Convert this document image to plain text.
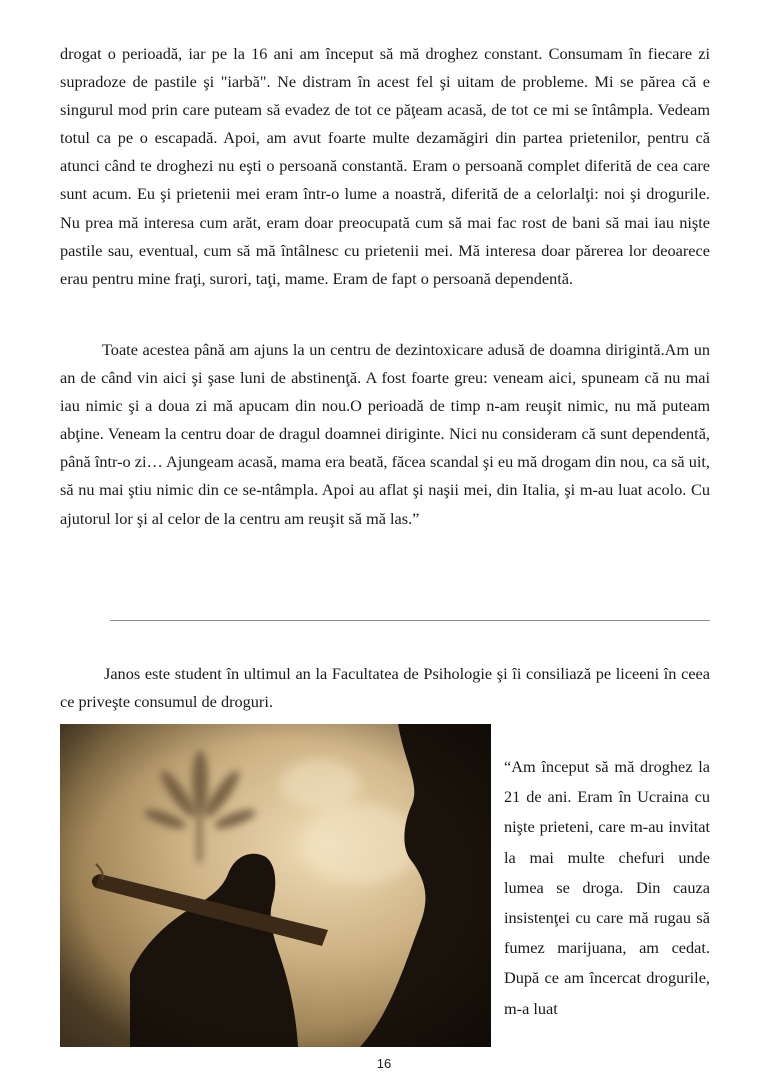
drogat o perioadă, iar pe la 16 ani am început să mă droghez constant. Consumam în fiecare zi supradoze de pastile şi "iarbă". Ne distram în acest fel şi uitam de probleme. Mi se părea că e singurul mod prin care puteam să evadez de tot ce păţeam acasă, de tot ce mi se întâmpla. Vedeam totul ca pe o escapadă. Apoi, am avut foarte multe dezamăgiri din partea prietenilor, pentru că atunci când te droghezi nu eşti o persoană constantă. Eram o persoană complet diferită de cea care sunt acum. Eu şi prietenii mei eram într-o lume a noastră, diferită de a celorlalţi: noi şi drogurile. Nu prea mă interesa cum arăt, eram doar preocupată cum să mai fac rost de bani să mai iau nişte pastile sau, eventual, cum să mă întâlnesc cu prietenii mei. Mă interesa doar părerea lor deoarece erau pentru mine fraţi, surori, taţi, mame. Eram de fapt o persoană dependentă.

Toate acestea până am ajuns la un centru de dezintoxicare adusă de doamna dirigintă.Am un an de când vin aici şi şase luni de abstinenţă. A fost foarte greu: veneam aici, spuneam că nu mai iau nimic şi a doua zi mă apucam din nou.O perioadă de timp n-am reuşit nimic, nu mă puteam abţine. Veneam la centru doar de dragul doamnei diriginte. Nici nu consideram că sunt dependentă, până într-o zi… Ajungeam acasă, mama era beată, făcea scandal şi eu mă drogam din nou, ca să uit, să nu mai ştiu nimic din ce se-ntâmpla. Apoi au aflat şi naşii mei, din Italia, şi m-au luat acolo. Cu ajutorul lor şi al celor de la centru am reuşit să mă las.”

Janos este student în ultimul an la Facultatea de Psihologie şi îi consiliază pe liceeni în ceea ce priveşte consumul de droguri.

“Am început să mă droghez la 21 de ani. Eram în Ucraina cu nişte prieteni, care m-au invitat la mai multe chefuri unde lumea se droga. Din cauza insistenţei cu care mă rugau să fumez marijuana, am cedat. După ce am încercat drogurile, m-a luat

16
